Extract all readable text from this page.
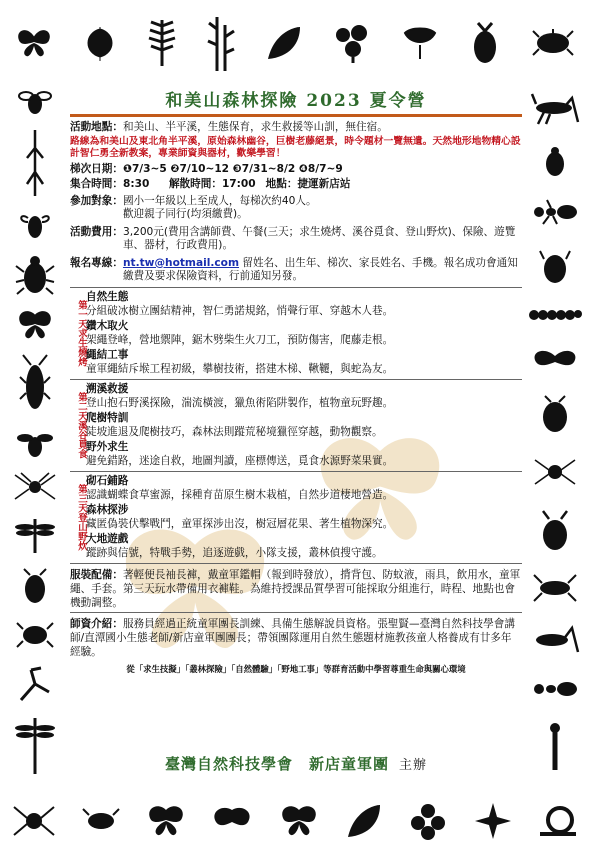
和美山森林探險 2023 夏令營
活動地點： 和美山、半平溪，生態保育，求生救援等山訓，無住宿。
路線為和美山及東北角半平溪，原始森林幽谷，巨樹老藤絕景，時令題材一覽無遺。天然地形地物精心設計智仁勇全新教案，專業師資與器材，歡樂學習！
梯次日期： ❶7/3~5 ❷7/10~12 ❸7/31~8/2 ❹8/7~9
集合時間： 8:30	解散時間： 17:00 地點： 捷運新店站
參加對象： 國小一年級以上至成人，每梯次約40人。
歡迎親子同行(均須繳費)。
活動費用： 3,200元(費用含講師費、午餐(三天；求生燒烤、溪谷覓食、登山野炊)、保險、遊覽車、器材，行政費用)。
報名專線： nt.tw@hotmail.com 留姓名、出生年、梯次、家長姓名、手機。報名成功會通知繳費及要求保險資料，行前通知另發。
第一天求生燒烤
自然生態
分組破冰樹立團結精神，智仁勇諾規銘，悄聲行軍、穿越木人巷。
鑽木取火
架繩登峰，營地禦陣，鋸木劈柴生火刀工，預防傷害，爬藤走根。
繩結工事
童軍繩結斥堠工程初級，攀樹技術，搭建木梯、鞦韆，與蛇為友。
第二天溪谷覓食
溯溪救援
登山抱石野溪探險，湍流橫渡，獵魚術陷阱製作，植物童玩野趣。
爬樹特訓
陡坡進退及爬樹技巧，森林法則蹤荒秘境獵徑穿越，動物觀察。
野外求生
避免錯路，迷途自救，地圖判讀，座標傳送，覓食水源野菜果實。
第三天登山野炊
砌石鋪路
認識蝴蝶食草蜜源，採種育苗原生樹木栽植，自然步道棲地營造。
森林探涉
藏匿偽裝伏擊戰鬥，童軍探涉出沒，樹冠層花果、著生植物深究。
大地遊戲
蹤跡與信號，特戰手勢，追逐遊戲，小隊支援，叢林偵搜守護。
服裝配備：著輕便長袖長褲，戴童軍鑑帽（報到時發放），揹背包、防蚊液，雨具，飲用水，童軍繩、手套。第三天玩水帶備用衣褲鞋。為維持授課品質學習可能採取分組進行，時程、地點也會機動調整。
師資介紹：服務員經過正統童軍團長訓練、具備生態解說員資格。張聖賢—臺灣自然科技學會講師/直潭國小生態老師/新店童軍團團長；帶領團隊運用自然生態題材施教孩童人格養成有廿多年經驗。
從「求生技擬」「叢林探險」「自然體驗」「野地工事」等群育活動中學習尊重生命與關心環境
臺灣自然科技學會　新店童軍團 主辦
